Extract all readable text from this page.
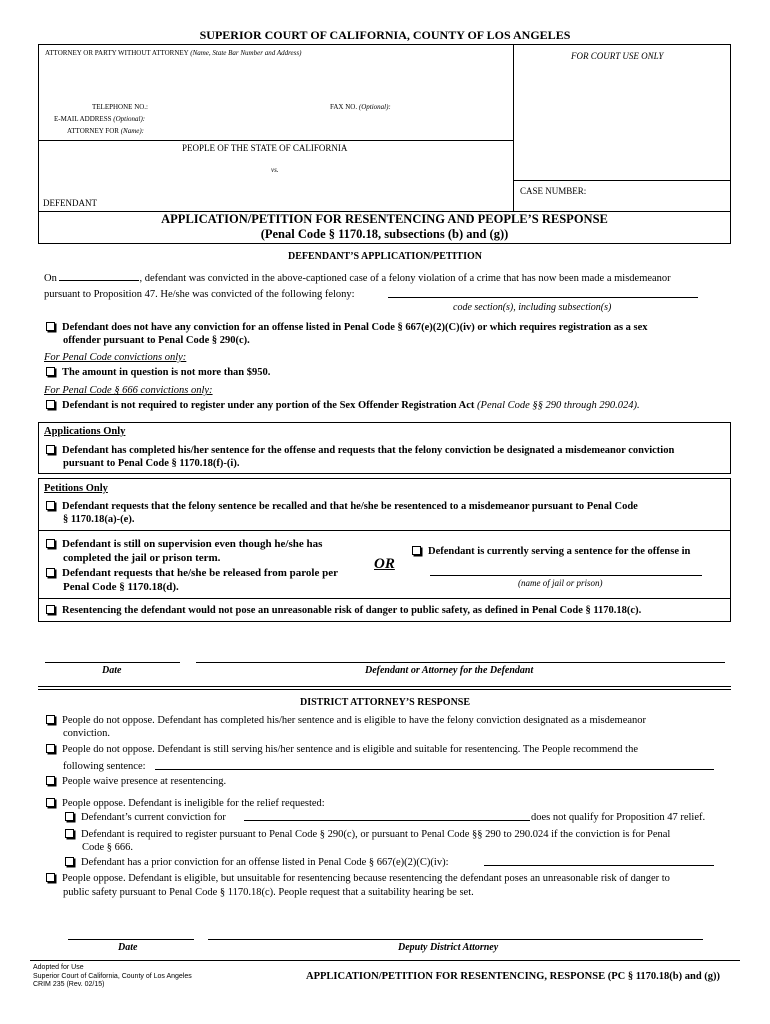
SUPERIOR COURT OF CALIFORNIA, COUNTY OF LOS ANGELES
ATTORNEY OR PARTY WITHOUT ATTORNEY (Name, State Bar Number and Address)	FOR COURT USE ONLY
TELEPHONE NO.:	FAX NO. (Optional):
E-MAIL ADDRESS (Optional):
ATTORNEY FOR (Name):
PEOPLE OF THE STATE OF CALIFORNIA
vs.
DEFENDANT
CASE NUMBER:
APPLICATION/PETITION FOR RESENTENCING AND PEOPLE’S RESPONSE
(Penal Code § 1170.18, subsections (b) and (g))
DEFENDANT’S APPLICATION/PETITION
On	, defendant was convicted in the above-captioned case of a felony violation of a crime that has now been made a misdemeanor
pursuant to Proposition 47. He/she was convicted of the following felony:
code section(s), including subsection(s)
Defendant does not have any conviction for an offense listed in Penal Code § 667(e)(2)(C)(iv) or which requires registration as a sex
offender pursuant to Penal Code § 290(c).
For Penal Code convictions only:
The amount in question is not more than $950.
For Penal Code § 666 convictions only:
Defendant is not required to register under any portion of the Sex Offender Registration Act (Penal Code §§ 290 through 290.024).
Applications Only
Defendant has completed his/her sentence for the offense and requests that the felony conviction be designated a misdemeanor conviction
pursuant to Penal Code § 1170.18(f)-(i).
Petitions Only
Defendant requests that the felony sentence be recalled and that he/she be resentenced to a misdemeanor pursuant to Penal Code
§ 1170.18(a)-(e).
Defendant is still on supervision even though he/she has
completed the jail or prison term.
Defendant requests that he/she be released from parole per
Penal Code § 1170.18(d).
OR
Defendant is currently serving a sentence for the offense in
(name of jail or prison)
Resentencing the defendant would not pose an unreasonable risk of danger to public safety, as defined in Penal Code § 1170.18(c).
Date	Defendant or Attorney for the Defendant
DISTRICT ATTORNEY’S RESPONSE
People do not oppose. Defendant has completed his/her sentence and is eligible to have the felony conviction designated as a misdemeanor
conviction.
People do not oppose. Defendant is still serving his/her sentence and is eligible and suitable for resentencing. The People recommend the
following sentence:
People waive presence at resentencing.
People oppose. Defendant is ineligible for the relief requested:
Defendant’s current conviction for	does not qualify for Proposition 47 relief.
Defendant is required to register pursuant to Penal Code § 290(c), or pursuant to Penal Code §§ 290 to 290.024 if the conviction is for Penal
Code § 666.
Defendant has a prior conviction for an offense listed in Penal Code § 667(e)(2)(C)(iv):
People oppose. Defendant is eligible, but unsuitable for resentencing because resentencing the defendant poses an unreasonable risk of danger to
public safety pursuant to Penal Code § 1170.18(c). People request that a suitability hearing be set.
Date	Deputy District Attorney
Adopted for Use
Superior Court of California, County of Los Angeles
CRIM 235 (Rev. 02/15)
APPLICATION/PETITION FOR RESENTENCING, RESPONSE (PC § 1170.18(b) and (g))
